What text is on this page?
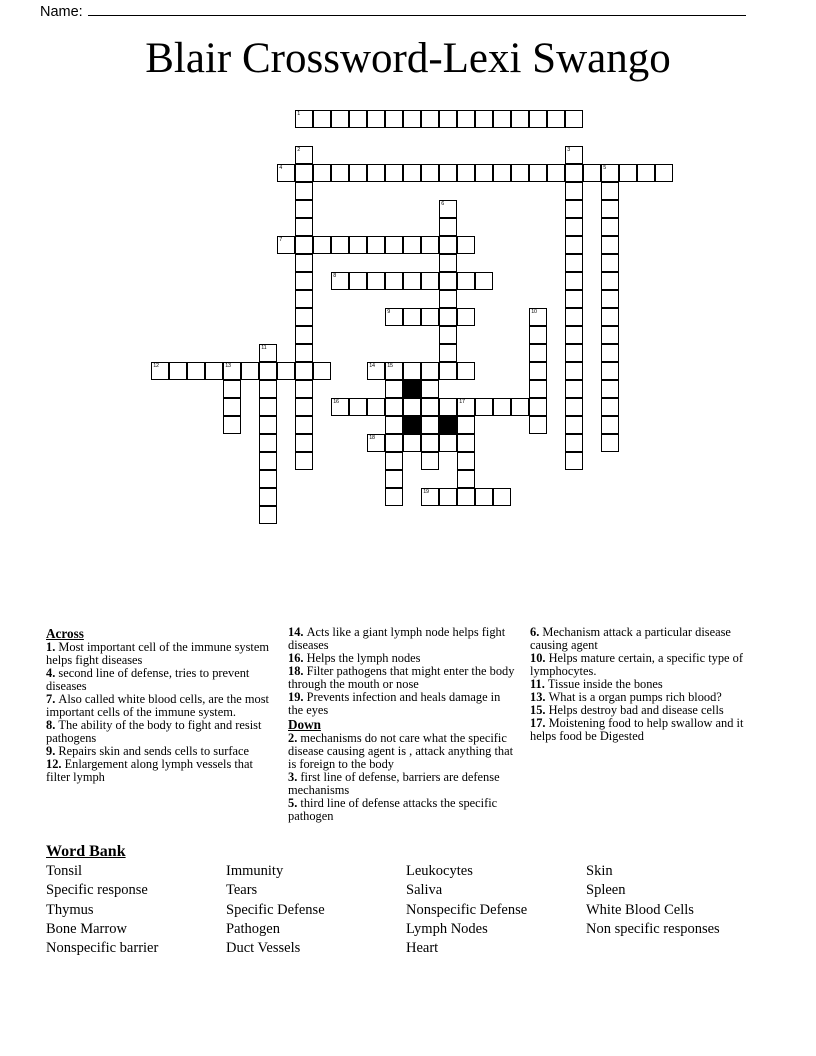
Name:
Blair Crossword-Lexi Swango
1
2	3
4	5
6
7
8
9	10
11
12	13	14 15
16	17
18
19
Across
1. Most important cell of the immune system helps fight diseases
4. second line of defense, tries to prevent diseases
7. Also called white blood cells, are the most important cells of the immune system.
8. The ability of the body to fight and resist pathogens
9. Repairs skin and sends cells to surface
12. Enlargement along lymph vessels that filter lymph
14. Acts like a giant lymph node helps fight diseases
16. Helps the lymph nodes
18. Filter pathogens that might enter the body through the mouth or nose
19. Prevents infection and heals damage in the eyes
Down
2. mechanisms do not care what the specific disease causing agent is , attack anything that is foreign to the body
3. first line of defense, barriers are defense mechanisms
5. third line of defense attacks the specific pathogen
6. Mechanism attack a particular disease causing agent
10. Helps mature certain, a specific type of lymphocytes.
11. Tissue inside the bones
13. What is a organ pumps rich blood?
15. Helps destroy bad and disease cells
17. Moistening food to help swallow and it helps food be Digested
Word Bank
Tonsil
Specific response
Thymus
Bone Marrow
Nonspecific barrier
Immunity
Tears
Specific Defense
Pathogen
Duct Vessels
Leukocytes
Saliva
Nonspecific Defense
Lymph Nodes
Heart
Skin
Spleen
White Blood Cells
Non specific responses
